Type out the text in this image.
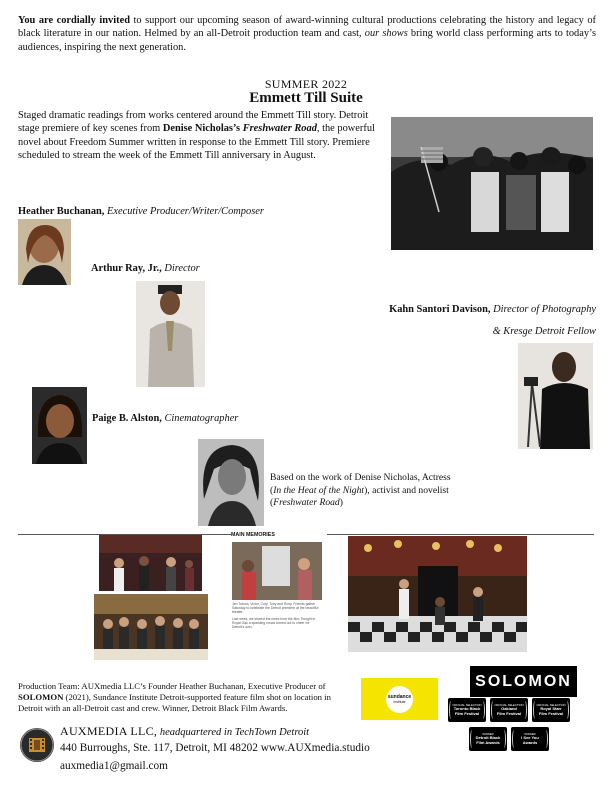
You are cordially invited to support our upcoming season of award-winning cultural productions celebrating the history and legacy of black literature in our nation. Helmed by an all-Detroit production team and cast, our shows bring world class performing arts to today’s audiences, inspiring the next generation.

SUMMER 2022
Emmett Till Suite

Staged dramatic readings from works centered around the Emmett Till story. Detroit stage premiere of key scenes from Denise Nicholas’s Freshwater Road, the powerful novel about Freedom Summer written in response to the Emmett Till story. Premiere scheduled to stream the week of the Emmett Till anniversary in August.

Heather Buchanan, Executive Producer/Writer/Composer

Arthur Ray, Jr., Director

Kahn Santori Davison, Director of Photography
& Kresge Detroit Fellow

Paige B. Alston, Cinematographer

Based on the work of Denise Nicholas, Actress
(In the Heat of the Night), activist and novelist
(Freshwater Road)

MAIN MEMORIES
Jen Tutrow, Victor, Cory, Tony and Roxy. Friends gather Saturday to celebrate the Detroit premiere at the beautiful theater.
Last week, we shared the news from the film; Tonight in Royal Oak a sparkling crowd turned out to cheer for Detroit's own.

Production Team: AUXmedia LLC’s Founder Heather Buchanan, Executive Producer of SOLOMON (2021), Sundance Institute Detroit-supported feature film shot on location in Detroit with an all-Detroit cast and crew. Winner, Detroit Black Film Awards.

sundance
institute
SOLOMON
OFFICIAL SELECTION
Toronto Black
Film Festival
OFFICIAL SELECTION
Oakland
Film Festival
OFFICIAL SELECTION
Royal Starr
Film Festival
WINNER
Detroit Black
Film Awards
WINNER
I See You
Awards
AUXMEDIA LLC, headquartered in TechTown Detroit
440 Burroughs, Ste. 117, Detroit, MI 48202 www.AUXmedia.studio
auxmedia1@gmail.com
